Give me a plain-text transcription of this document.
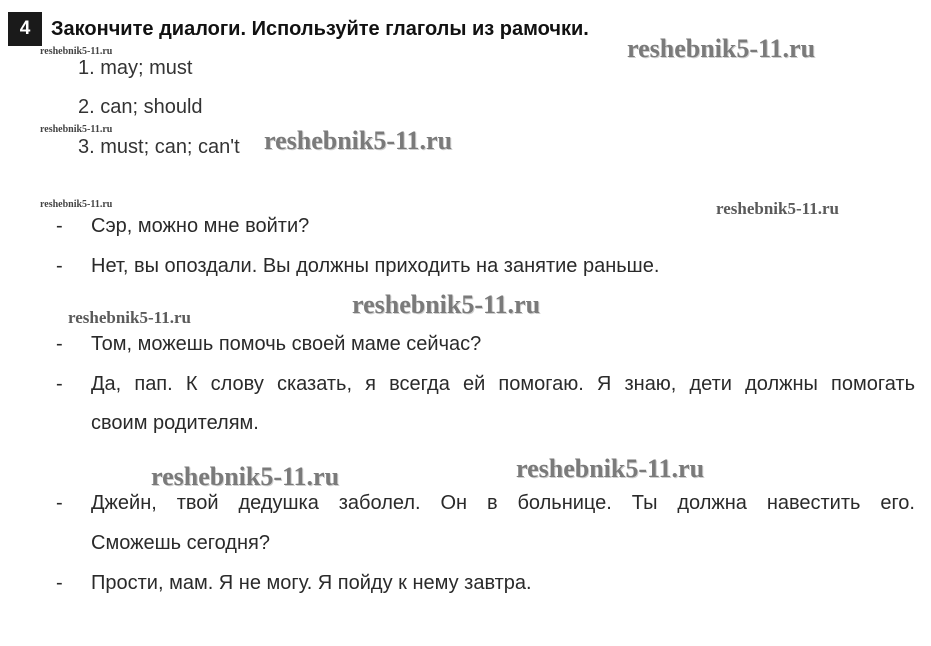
4	Закончите диалоги. Используйте глаголы из рамочки.
1. may; must
2. can; should
3. must; can; can't
- Сэр, можно мне войти?
- Нет, вы опоздали. Вы должны приходить на занятие раньше.
- Том, можешь помочь своей маме сейчас?
- Да, пап. К слову сказать, я всегда ей помогаю. Я знаю, дети должны помогать
своим родителям.
- Джейн, твой дедушка заболел. Он в больнице. Ты должна навестить его.
Сможешь сегодня?
- Прости, мам. Я не могу. Я пойду к нему завтра.
reshebnik5-11.ru	reshebnik5-11.ru
reshebnik5-11.ru	reshebnik5-11.ru
reshebnik5-11.ru	reshebnik5-11.ru
reshebnik5-11.ru	reshebnik5-11.ru
reshebnik5-11.ru	reshebnik5-11.ru
